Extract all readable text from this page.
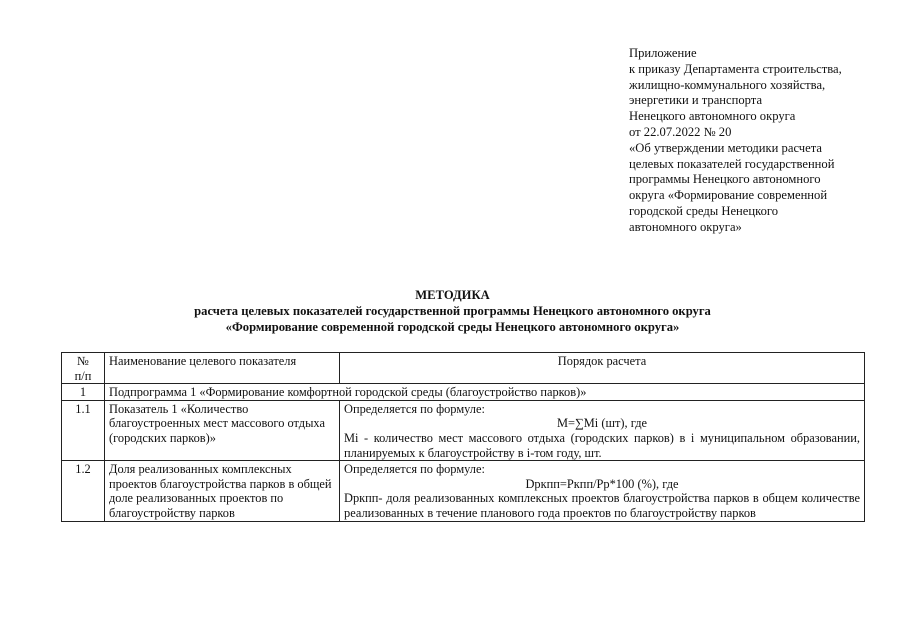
Приложение
к приказу Департамента строительства,
жилищно-коммунального хозяйства,
энергетики и транспорта
Ненецкого автономного округа
от 22.07.2022 № 20
«Об утверждении методики расчета
целевых показателей государственной
программы Ненецкого автономного
округа «Формирование современной
городской среды Ненецкого
автономного округа»
МЕТОДИКА
расчета целевых показателей государственной программы Ненецкого автономного округа
«Формирование современной городской среды Ненецкого автономного округа»
№
п/п	Наименование целевого показателя	Порядок расчета
1	Подпрограмма 1 «Формирование комфортной городской среды (благоустройство парков)»	
1.1	Показатель 1 «Количество благоустроенных мест массового отдыха (городских парков)»	Определяется по формуле:
M=∑Mi (шт), где
Mi - количество мест массового отдыха (городских парков) в i муниципальном образовании, планируемых к благоустройству в i-том году, шт.

1.2	Доля реализованных комплексных проектов благоустройства парков в общей доле реализованных проектов по благоустройству парков	Определяется по формуле:
Dркпп=Pкпп/Pр*100 (%), где
Dркпп- доля реализованных комплексных проектов благоустройства парков в общем количестве реализованных в течение планового года проектов по благоустройству парков
